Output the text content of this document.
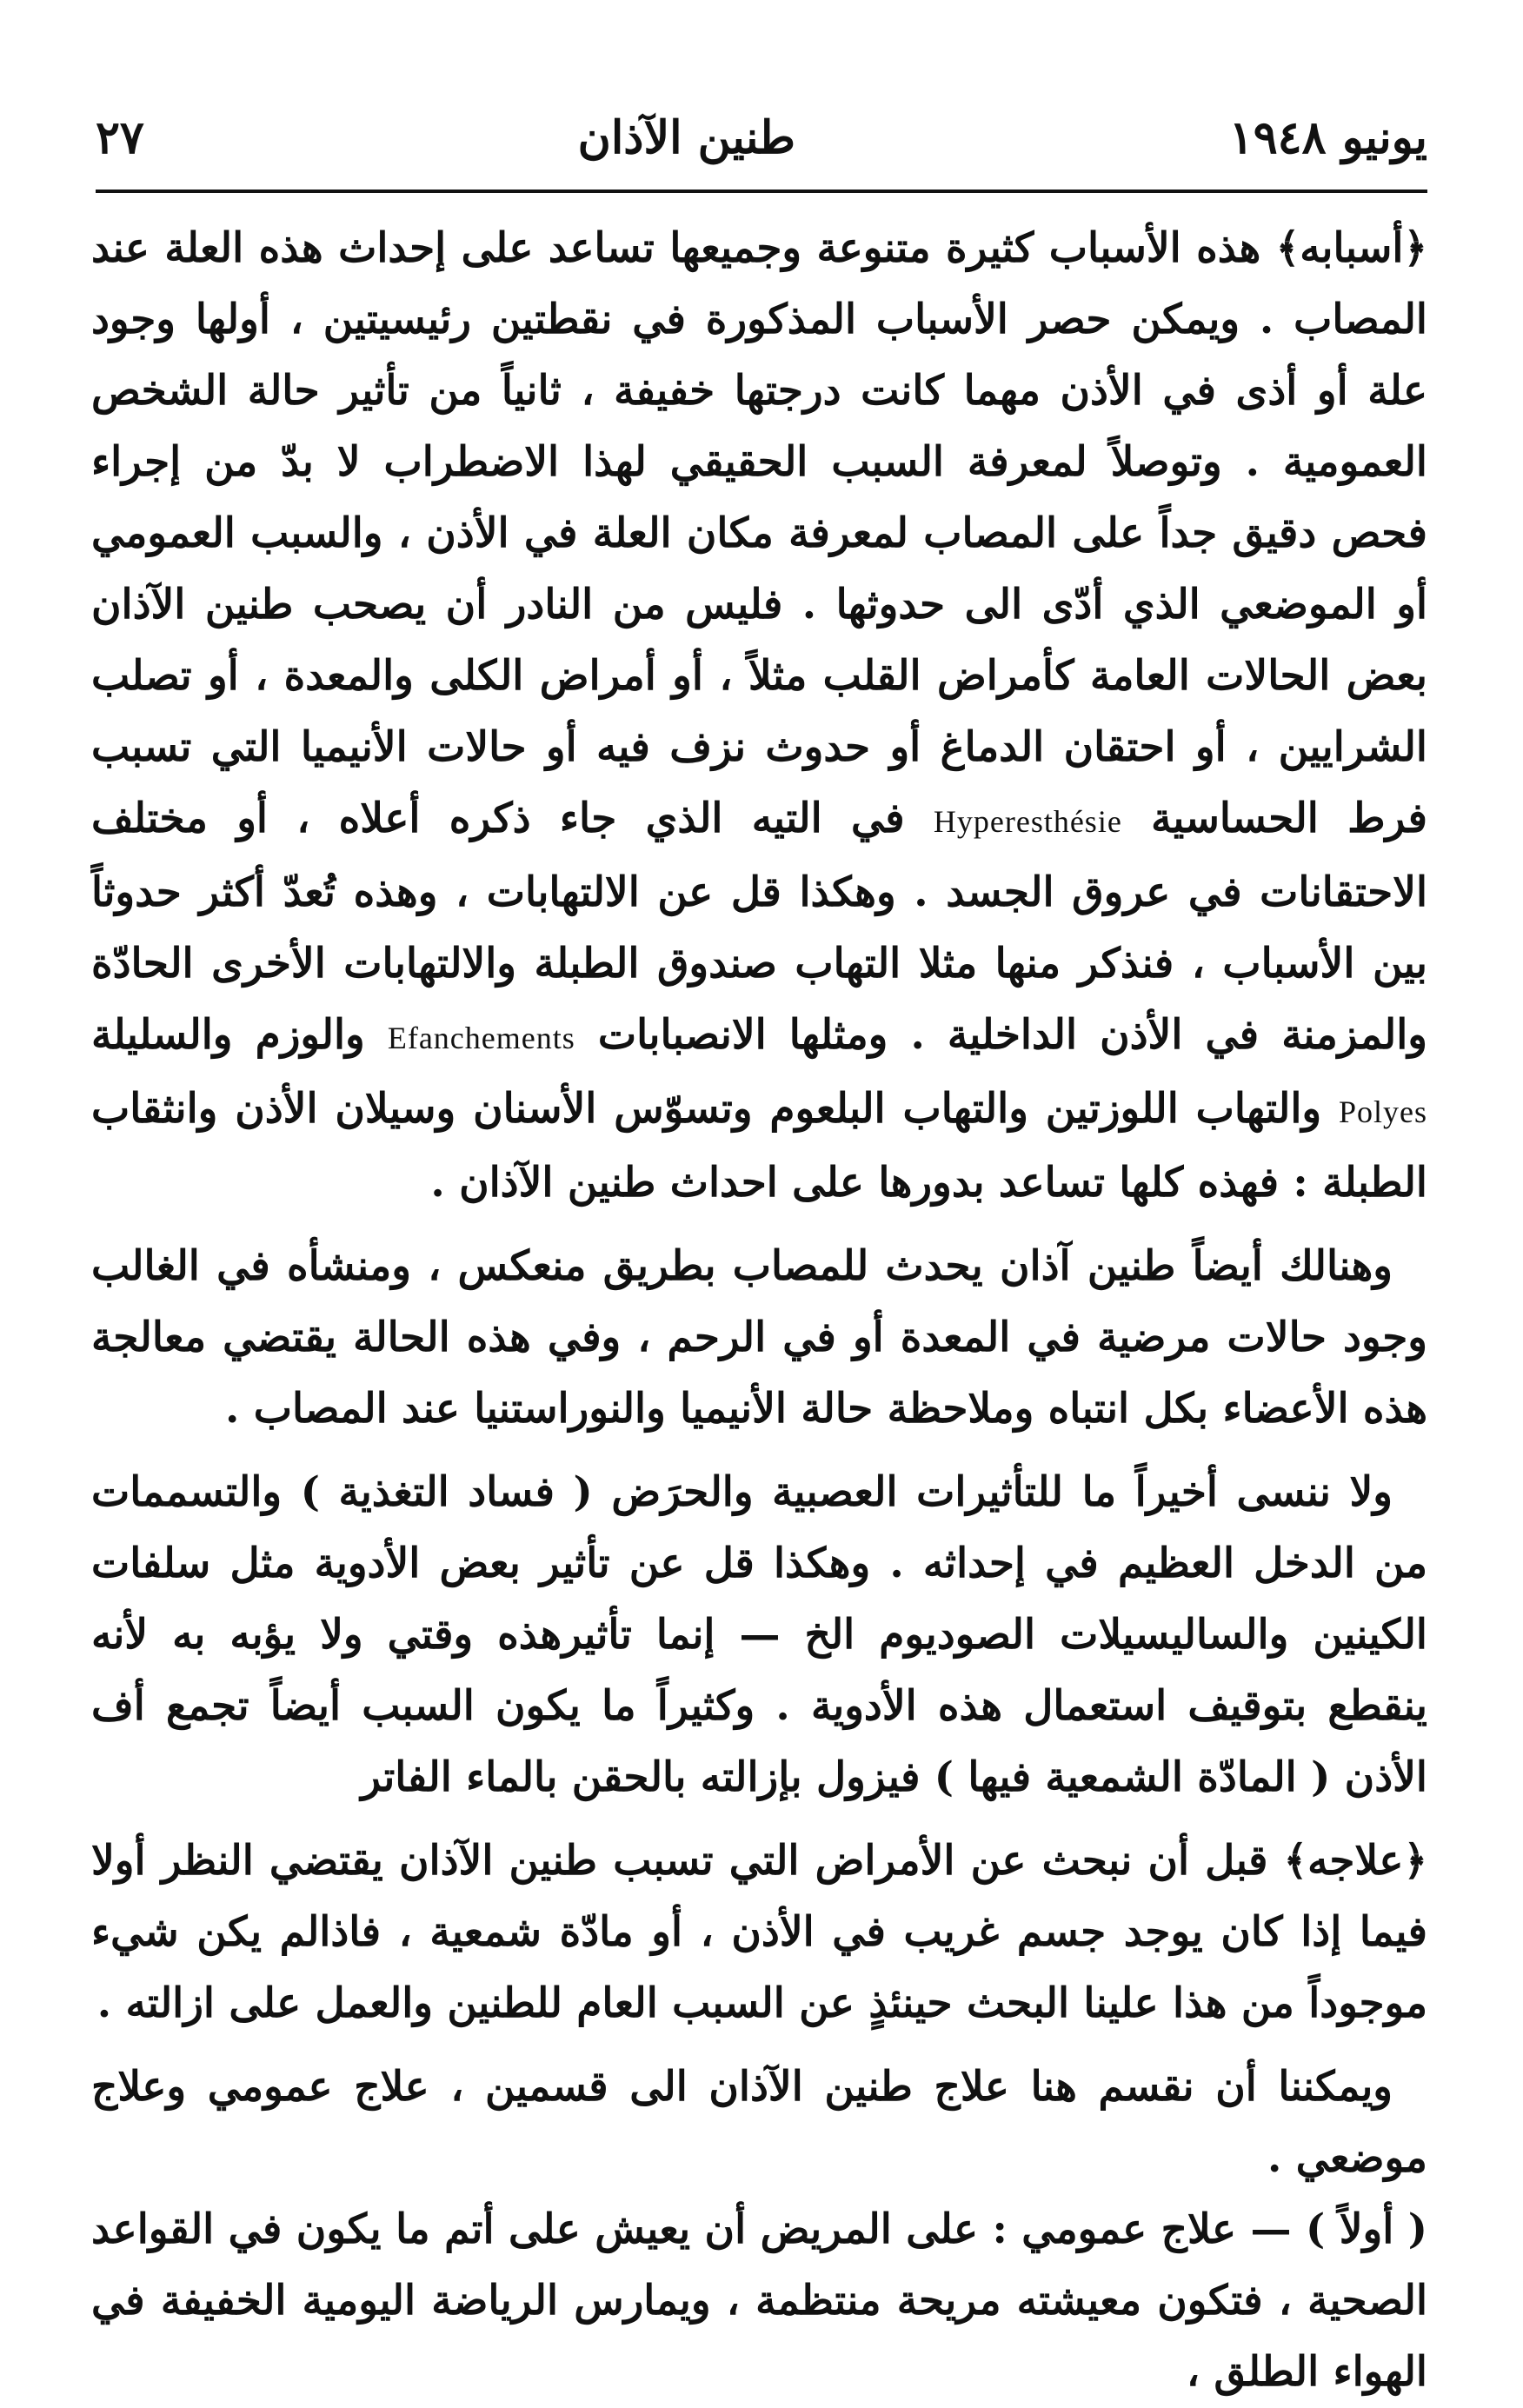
يونيو ١٩٤٨
طنين الآذان
٢٧

﴿أسبابه﴾ هذه الأسباب كثيرة متنوعة وجميعها تساعد على إحداث هذه العلة عند المصاب . ويمكن حصر الأسباب المذكورة في نقطتين رئيسيتين ، أولها وجود علة أو أذى في الأذن مهما كانت درجتها خفيفة ، ثانياً من تأثير حالة الشخص العمومية . وتوصلاً لمعرفة السبب الحقيقي لهذا الاضطراب لا بدّ من إجراء فحص دقيق جداً على المصاب لمعرفة مكان العلة في الأذن ، والسبب العمومي أو الموضعي الذي أدّى الى حدوثها . فليس من النادر أن يصحب طنين الآذان بعض الحالات العامة كأمراض القلب مثلاً ، أو أمراض الكلى والمعدة ، أو تصلب الشرايين ، أو احتقان الدماغ أو حدوث نزف فيه أو حالات الأنيميا التي تسبب فرط الحساسية Hyperesthésie في التيه الذي جاء ذكره أعلاه ، أو مختلف الاحتقانات في عروق الجسد . وهكذا قل عن الالتهابات ، وهذه تُعدّ أكثر حدوثاً بين الأسباب ، فنذكر منها مثلا التهاب صندوق الطبلة والالتهابات الأخرى الحادّة والمزمنة في الأذن الداخلية . ومثلها الانصبابات Efanchements والوزم والسليلة Polyes والتهاب اللوزتين والتهاب البلعوم وتسوّس الأسنان وسيلان الأذن وانثقاب الطبلة : فهذه كلها تساعد بدورها على احداث طنين الآذان .

وهنالك أيضاً طنين آذان يحدث للمصاب بطريق منعكس ، ومنشأه في الغالب وجود حالات مرضية في المعدة أو في الرحم ، وفي هذه الحالة يقتضي معالجة هذه الأعضاء بكل انتباه وملاحظة حالة الأنيميا والنوراستنيا عند المصاب .

ولا ننسى أخيراً ما للتأثيرات العصبية والحرَض ( فساد التغذية ) والتسممات من الدخل العظيم في إحداثه . وهكذا قل عن تأثير بعض الأدوية مثل سلفات الكينين والساليسيلات الصوديوم الخ — إنما تأثيرهذه وقتي ولا يؤبه به لأنه ينقطع بتوقيف استعمال هذه الأدوية . وكثيراً ما يكون السبب أيضاً تجمع أف الأذن ( المادّة الشمعية فيها ) فيزول بإزالته بالحقن بالماء الفاتر

﴿علاجه﴾ قبل أن نبحث عن الأمراض التي تسبب طنين الآذان يقتضي النظر أولا فيما إذا كان يوجد جسم غريب في الأذن ، أو مادّة شمعية ، فاذالم يكن شيء موجوداً من هذا علينا البحث حينئذٍ عن السبب العام للطنين والعمل على ازالته .

ويمكننا أن نقسم هنا علاج طنين الآذان الى قسمين ، علاج عمومي وعلاج موضعي .

( أولاً ) — علاج عمومي : على المريض أن يعيش على أتم ما يكون في القواعد الصحية ، فتكون معيشته مريحة منتظمة ، ويمارس الرياضة اليومية الخفيفة في الهواء الطلق ،
